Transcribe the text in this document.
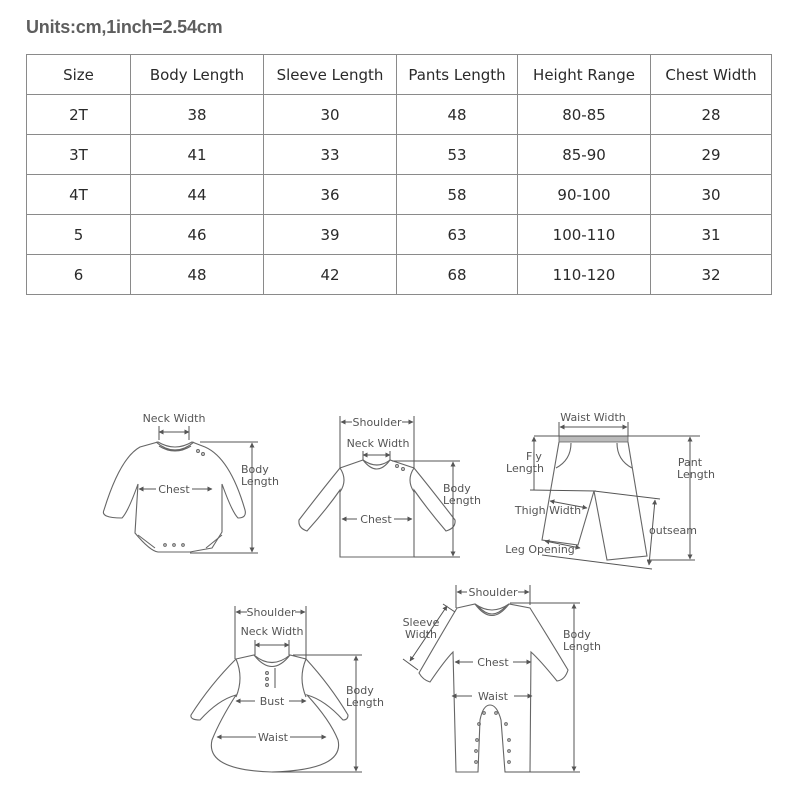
Units:cm,1inch=2.54cm
Size	Body Length	Sleeve Length	Pants Length	Height Range	Chest Width
2T	38	30	48	80-85	28
3T	41	33	53	85-90	29
4T	44	36	58	90-100	30
5	46	39	63	100-110	31
6	48	42	68	110-120	32
Neck Width
Chest
Body
Length
Shoulder
Neck Width
Chest
Body
Length
Waist Width
Fly
Length	Pant
Length
outseam
Thigh Width
Leg Opening
Shoulder
Neck Width
Bust
Waist
Body
Length
Shoulder
Sleeve
Width
Chest
Waist
Body
Length
